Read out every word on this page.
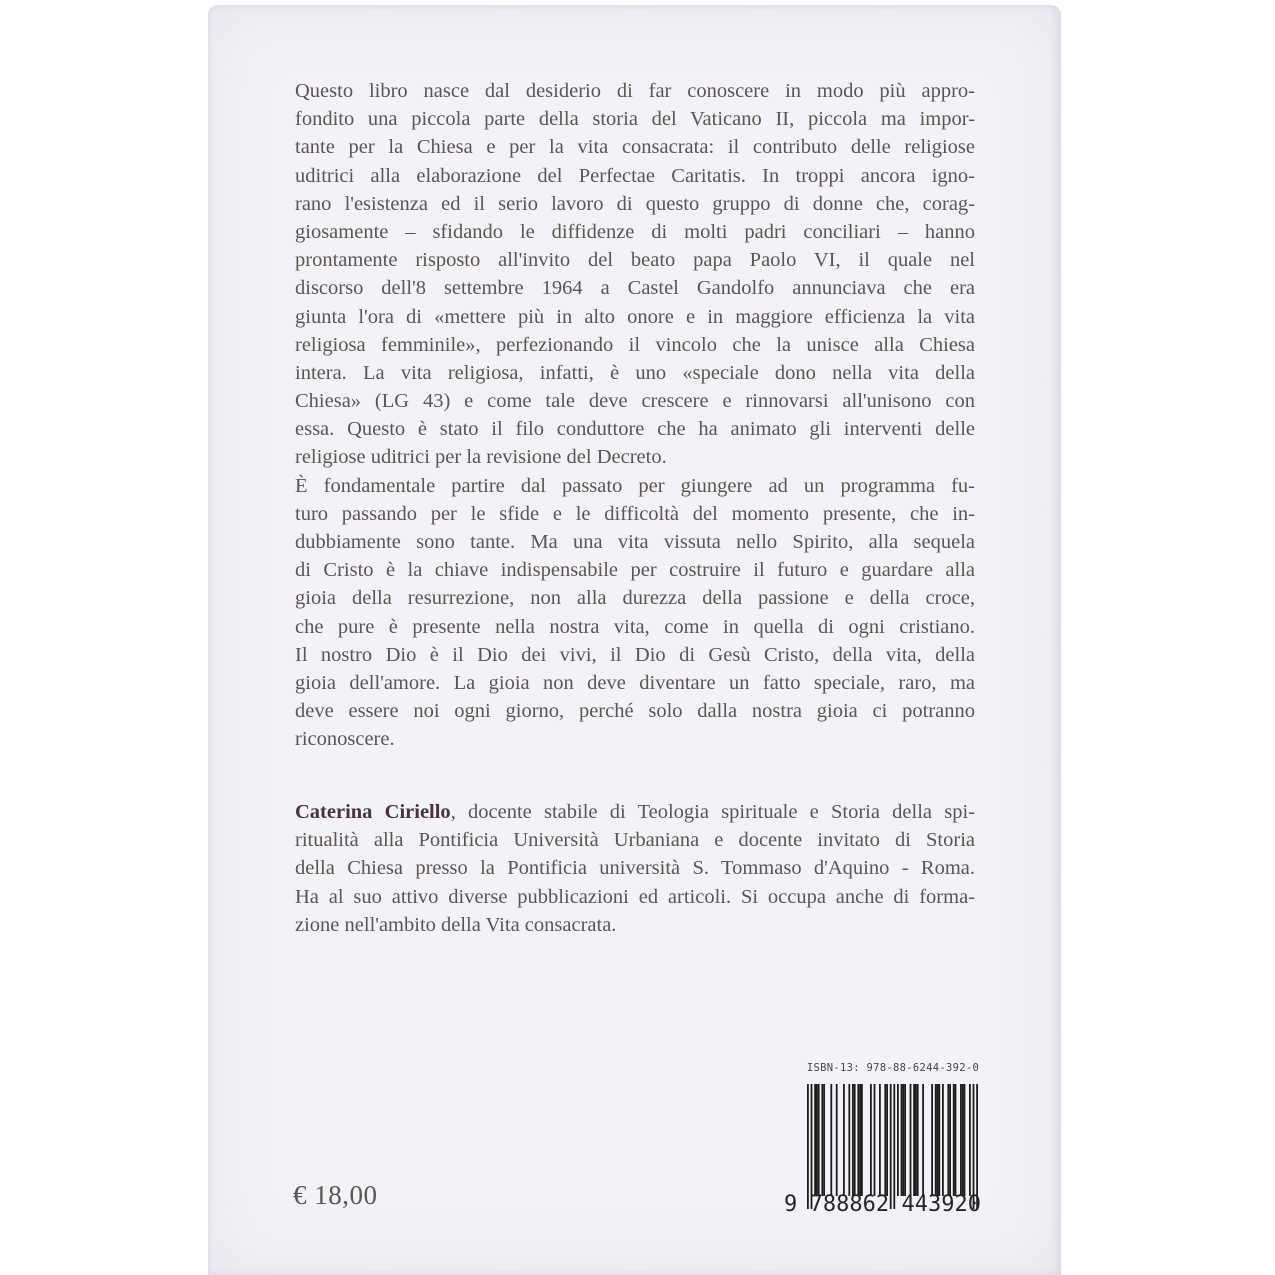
Questo libro nasce dal desiderio di far conoscere in modo più appro-
fondito una piccola parte della storia del Vaticano II, piccola ma impor-
tante per la Chiesa e per la vita consacrata: il contributo delle religiose
uditrici alla elaborazione del Perfectae Caritatis. In troppi ancora igno-
rano l'esistenza ed il serio lavoro di questo gruppo di donne che, corag-
giosamente – sfidando le diffidenze di molti padri conciliari – hanno
prontamente risposto all'invito del beato papa Paolo VI, il quale nel
discorso dell'8 settembre 1964 a Castel Gandolfo annunciava che era
giunta l'ora di «mettere più in alto onore e in maggiore efficienza la vita
religiosa femminile», perfezionando il vincolo che la unisce alla Chiesa
intera. La vita religiosa, infatti, è uno «speciale dono nella vita della
Chiesa» (LG 43) e come tale deve crescere e rinnovarsi all'unisono con
essa. Questo è stato il filo conduttore che ha animato gli interventi delle
religiose uditrici per la revisione del Decreto.
È fondamentale partire dal passato per giungere ad un programma fu-
turo passando per le sfide e le difficoltà del momento presente, che in-
dubbiamente sono tante. Ma una vita vissuta nello Spirito, alla sequela
di Cristo è la chiave indispensabile per costruire il futuro e guardare alla
gioia della resurrezione, non alla durezza della passione e della croce,
che pure è presente nella nostra vita, come in quella di ogni cristiano.
Il nostro Dio è il Dio dei vivi, il Dio di Gesù Cristo, della vita, della
gioia dell'amore. La gioia non deve diventare un fatto speciale, raro, ma
deve essere noi ogni giorno, perché solo dalla nostra gioia ci potranno
riconoscere.
Caterina Ciriello, docente stabile di Teologia spirituale e Storia della spi-
ritualità alla Pontificia Università Urbaniana e docente invitato di Storia
della Chiesa presso la Pontificia università S. Tommaso d'Aquino - Roma.
Ha al suo attivo diverse pubblicazioni ed articoli. Si occupa anche di forma-
zione nell'ambito della Vita consacrata.
€ 18,00
ISBN-13: 978-88-6244-392-0
9 788862 443920
